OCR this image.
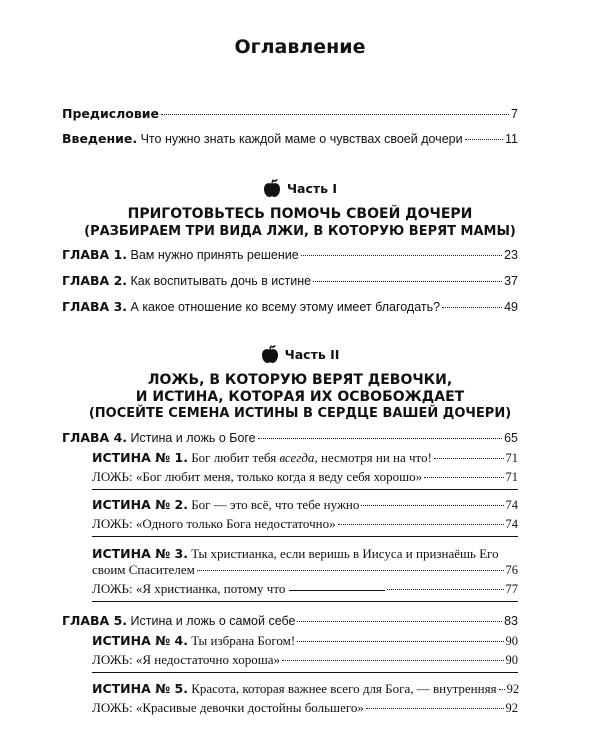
Оглавление
Предисловие	7
Введение. Что нужно знать каждой маме о чувствах своей дочери	11
Часть I
ПРИГОТОВЬТЕСЬ ПОМОЧЬ СВОЕЙ ДОЧЕРИ
(РАЗБИРАЕМ ТРИ ВИДА ЛЖИ, В КОТОРУЮ ВЕРЯТ МАМЫ)
ГЛАВА 1. Вам нужно принять решение	23
ГЛАВА 2. Как воспитывать дочь в истине	37
ГЛАВА 3. А какое отношение ко всему этому имеет благодать?	49
Часть II
ЛОЖЬ, В КОТОРУЮ ВЕРЯТ ДЕВОЧКИ,
И ИСТИНА, КОТОРАЯ ИХ ОСВОБОЖДАЕТ
(ПОСЕЙТЕ СЕМЕНА ИСТИНЫ В СЕРДЦЕ ВАШЕЙ ДОЧЕРИ)
ГЛАВА 4. Истина и ложь о Боге	65
ИСТИНА № 1. Бог любит тебя всегда , несмотря ни на что!	71
ЛОЖЬ: «Бог любит меня, только когда я веду себя хорошо»	71
ИСТИНА № 2. Бог — это всё, что тебе нужно	74
ЛОЖЬ: «Одного только Бога недостаточно»	74
ИСТИНА № 3. Ты христианка, если веришь в Иисуса и признаёшь Его
своим Спасителем	76
ЛОЖЬ: «Я христианка, потому что	77
ГЛАВА 5. Истина и ложь о самой себе	83
ИСТИНА № 4. Ты избрана Богом!	90
ЛОЖЬ: «Я недостаточно хороша»	90
ИСТИНА № 5. Красота, которая важнее всего для Бога, — внутренняя 92
ЛОЖЬ: «Красивые девочки достойны большего»	92
